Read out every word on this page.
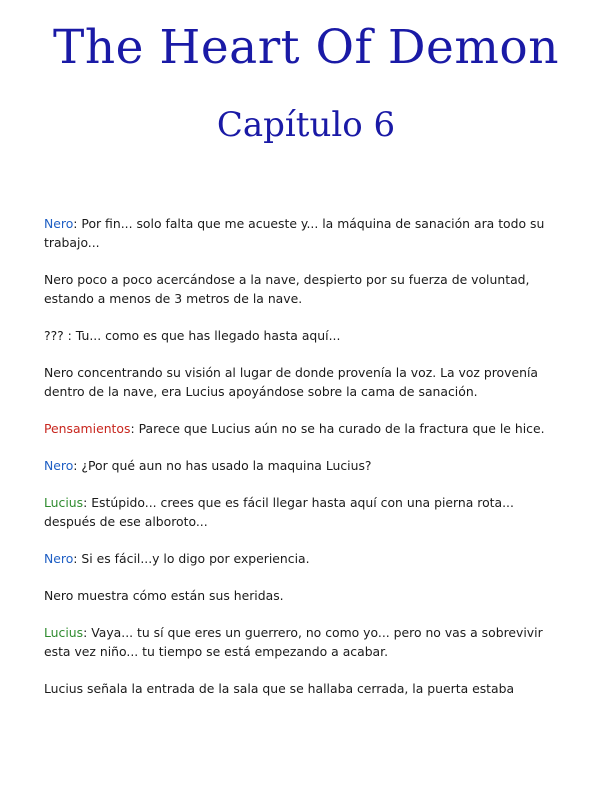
The Heart Of Demon
Capítulo 6

Nero: Por fin... solo falta que me acueste y... la máquina de sanación ara todo su trabajo...

Nero poco a poco acercándose a la nave, despierto por su fuerza de voluntad, estando a menos de 3 metros de la nave.

??? : Tu... como es que has llegado hasta aquí...

Nero concentrando su visión al lugar de donde provenía la voz. La voz provenía dentro de la nave, era Lucius apoyándose sobre la cama de sanación.

Pensamientos: Parece que Lucius aún no se ha curado de la fractura que le hice.

Nero: ¿Por qué aun no has usado la maquina Lucius?

Lucius: Estúpido... crees que es fácil llegar hasta aquí con una pierna rota... después de ese alboroto...

Nero: Si es fácil...y lo digo por experiencia.

Nero muestra cómo están sus heridas.

Lucius: Vaya... tu sí que eres un guerrero, no como yo... pero no vas a sobrevivir esta vez niño... tu tiempo se está empezando a acabar.

Lucius señala la entrada de la sala que se hallaba cerrada, la puerta estaba
